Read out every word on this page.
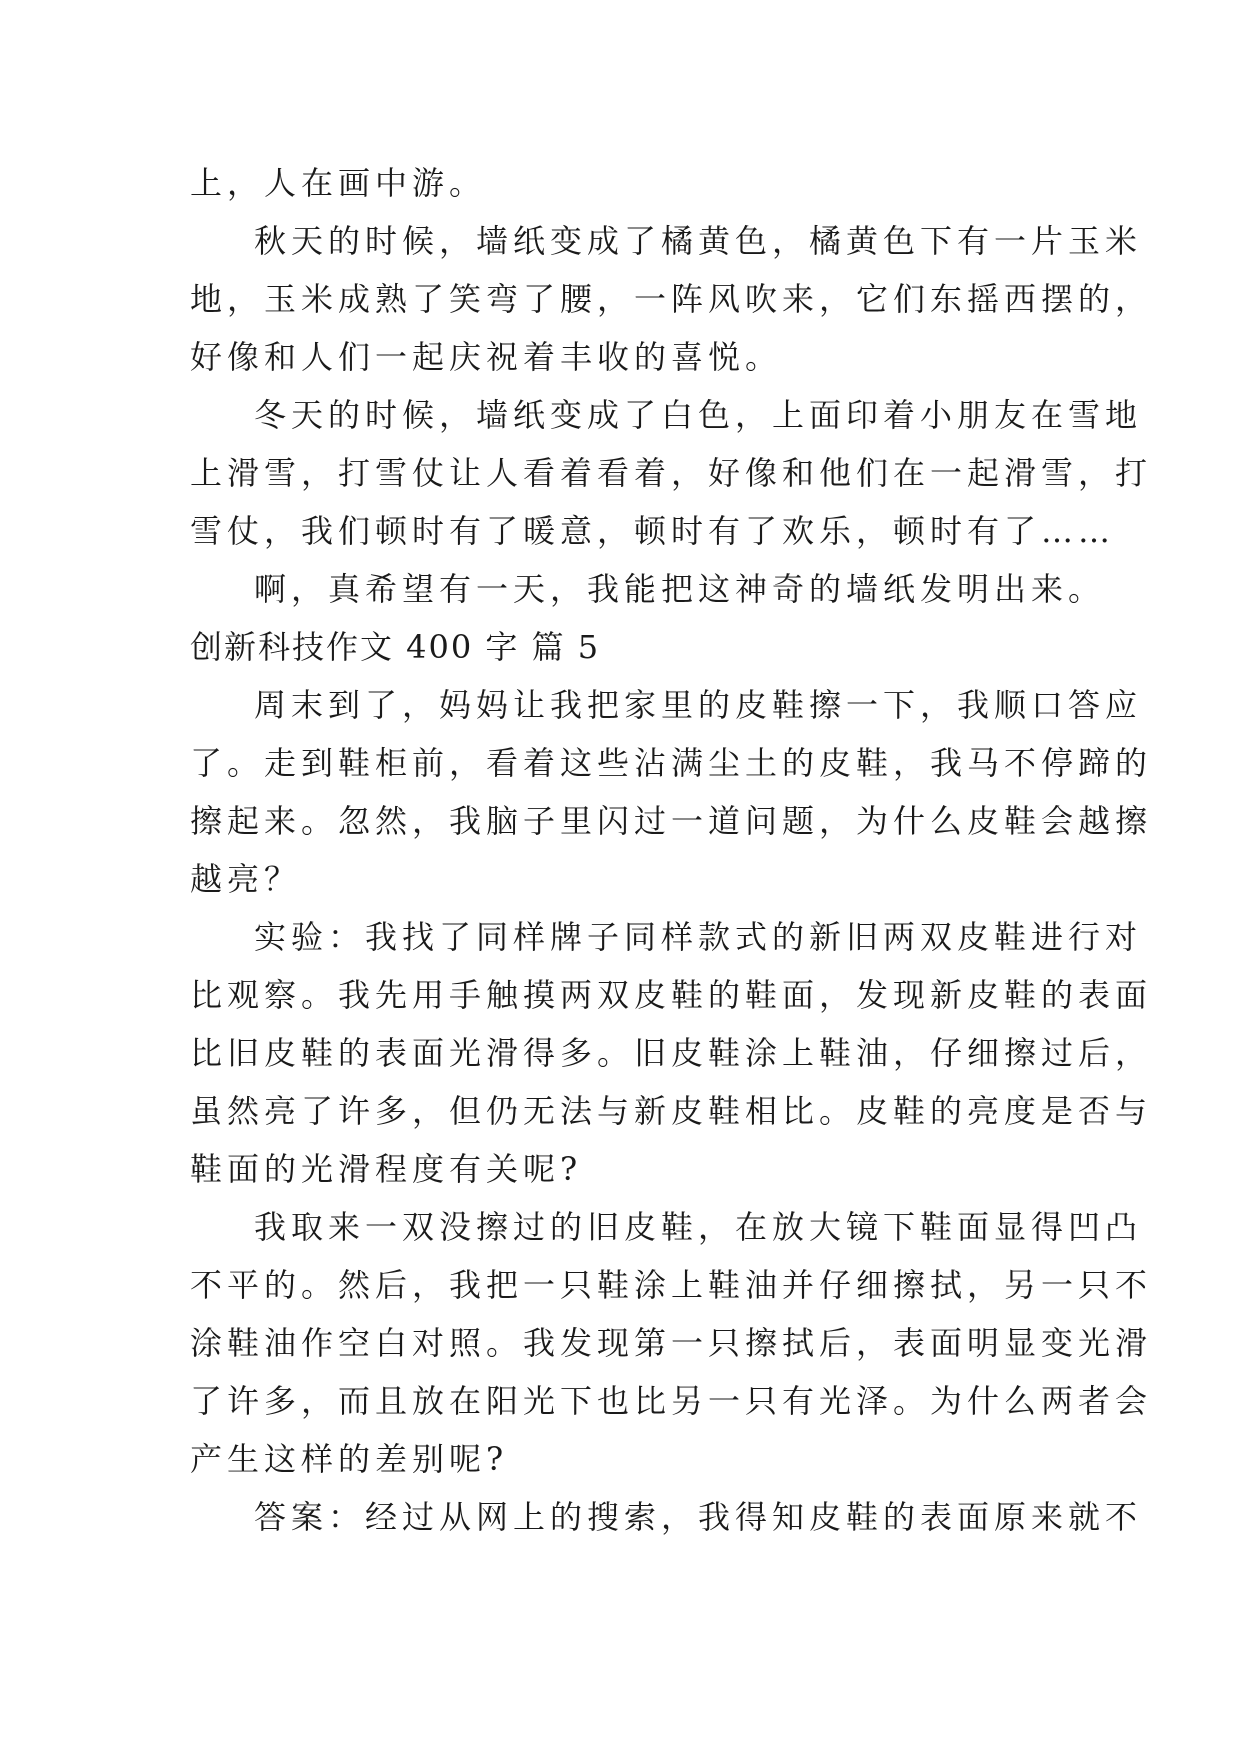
上，人在画中游。
秋天的时候，墙纸变成了橘黄色，橘黄色下有一片玉米
地，玉米成熟了笑弯了腰，一阵风吹来，它们东摇西摆的，
好像和人们一起庆祝着丰收的喜悦。
冬天的时候，墙纸变成了白色，上面印着小朋友在雪地
上滑雪，打雪仗让人看着看着，好像和他们在一起滑雪，打
雪仗，我们顿时有了暖意，顿时有了欢乐，顿时有了……
啊，真希望有一天，我能把这神奇的墙纸发明出来。
创新科技作文 400 字 篇 5
周末到了，妈妈让我把家里的皮鞋擦一下，我顺口答应
了。走到鞋柜前，看着这些沾满尘土的皮鞋，我马不停蹄的
擦起来。忽然，我脑子里闪过一道问题，为什么皮鞋会越擦
越亮？
实验：我找了同样牌子同样款式的新旧两双皮鞋进行对
比观察。我先用手触摸两双皮鞋的鞋面，发现新皮鞋的表面
比旧皮鞋的表面光滑得多。旧皮鞋涂上鞋油，仔细擦过后，
虽然亮了许多，但仍无法与新皮鞋相比。皮鞋的亮度是否与
鞋面的光滑程度有关呢?
我取来一双没擦过的旧皮鞋，在放大镜下鞋面显得凹凸
不平的。然后，我把一只鞋涂上鞋油并仔细擦拭，另一只不
涂鞋油作空白对照。我发现第一只擦拭后，表面明显变光滑
了许多，而且放在阳光下也比另一只有光泽。为什么两者会
产生这样的差别呢?
答案：经过从网上的搜索，我得知皮鞋的表面原来就不
